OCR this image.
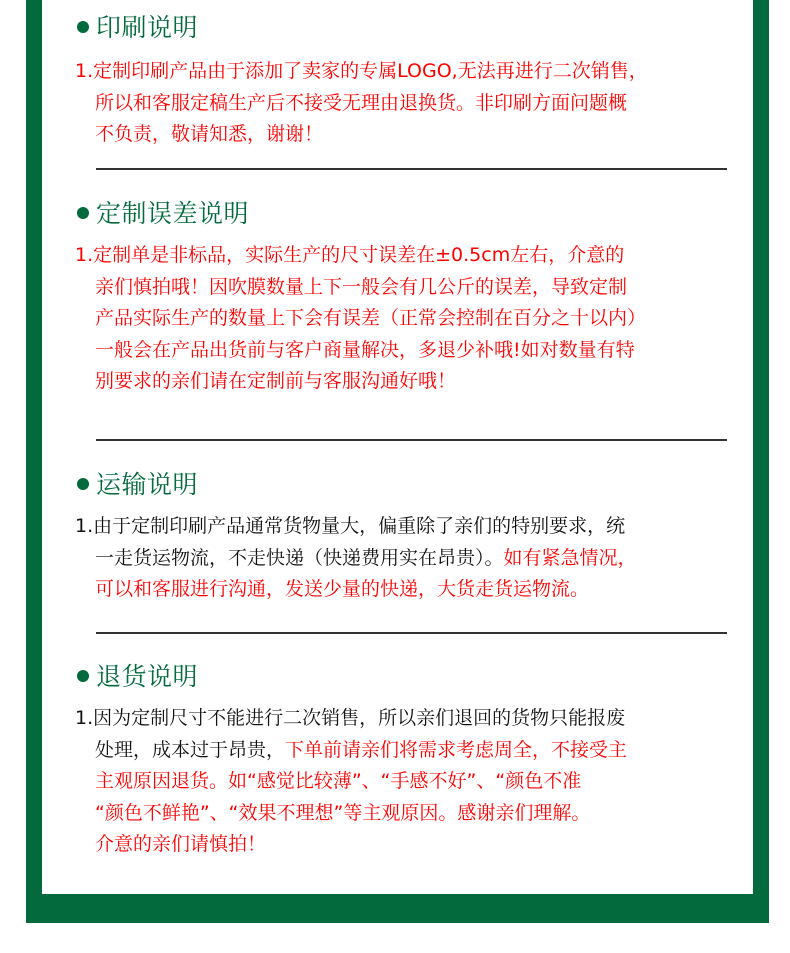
印刷说明
1.定制印刷产品由于添加了卖家的专属LOGO,无法再进行二次销售，
所以和客服定稿生产后不接受无理由退换货。非印刷方面问题概
不负责，敬请知悉，谢谢！
定制误差说明
1.定制单是非标品，实际生产的尺寸误差在±0.5cm左右，介意的
亲们慎拍哦！因吹膜数量上下一般会有几公斤的误差，导致定制
产品实际生产的数量上下会有误差（正常会控制在百分之十以内）
一般会在产品出货前与客户商量解决，多退少补哦!如对数量有特
别要求的亲们请在定制前与客服沟通好哦！
运输说明
1.由于定制印刷产品通常货物量大，偏重除了亲们的特别要求，统
一走货运物流，不走快递（快递费用实在昂贵）。如有紧急情况，
可以和客服进行沟通，发送少量的快递，大货走货运物流。
退货说明
1.因为定制尺寸不能进行二次销售，所以亲们退回的货物只能报废
处理，成本过于昂贵，下单前请亲们将需求考虑周全，不接受主
主观原因退货。如“感觉比较薄”、“手感不好”、“颜色不准
“颜色不鲜艳”、“效果不理想”等主观原因。感谢亲们理解。
介意的亲们请慎拍！
